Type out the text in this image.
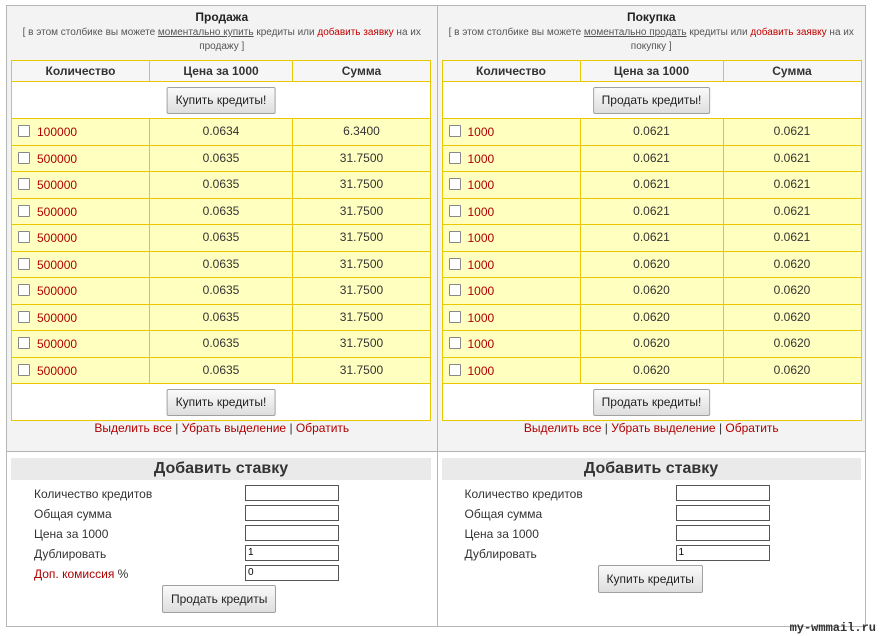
Продажа
[ в этом столбике вы можете моментально купить кредиты или добавить заявку на их продажу ]
Количество	Цена за 1000	Сумма
Купить кредиты!
100000	0.0634	6.3400
500000	0.0635	31.7500
500000	0.0635	31.7500
500000	0.0635	31.7500
500000	0.0635	31.7500
500000	0.0635	31.7500
500000	0.0635	31.7500
500000	0.0635	31.7500
500000	0.0635	31.7500
500000	0.0635	31.7500
Купить кредиты!
Выделить все | Убрать выделение | Обратить
Добавить ставку
Количество кредитов
Общая сумма
Цена за 1000
Дублировать	1
Доп. комиссия %	0
Продать кредиты
Покупка
[ в этом столбике вы можете моментально продать кредиты или добавить заявку на их покупку ]
Количество	Цена за 1000	Сумма
Продать кредиты!
1000	0.0621	0.0621
1000	0.0621	0.0621
1000	0.0621	0.0621
1000	0.0621	0.0621
1000	0.0621	0.0621
1000	0.0620	0.0620
1000	0.0620	0.0620
1000	0.0620	0.0620
1000	0.0620	0.0620
1000	0.0620	0.0620
Продать кредиты!
Выделить все | Убрать выделение | Обратить
Добавить ставку
Количество кредитов
Общая сумма
Цена за 1000
Дублировать	1
Купить кредиты
my-wmmail.ru
